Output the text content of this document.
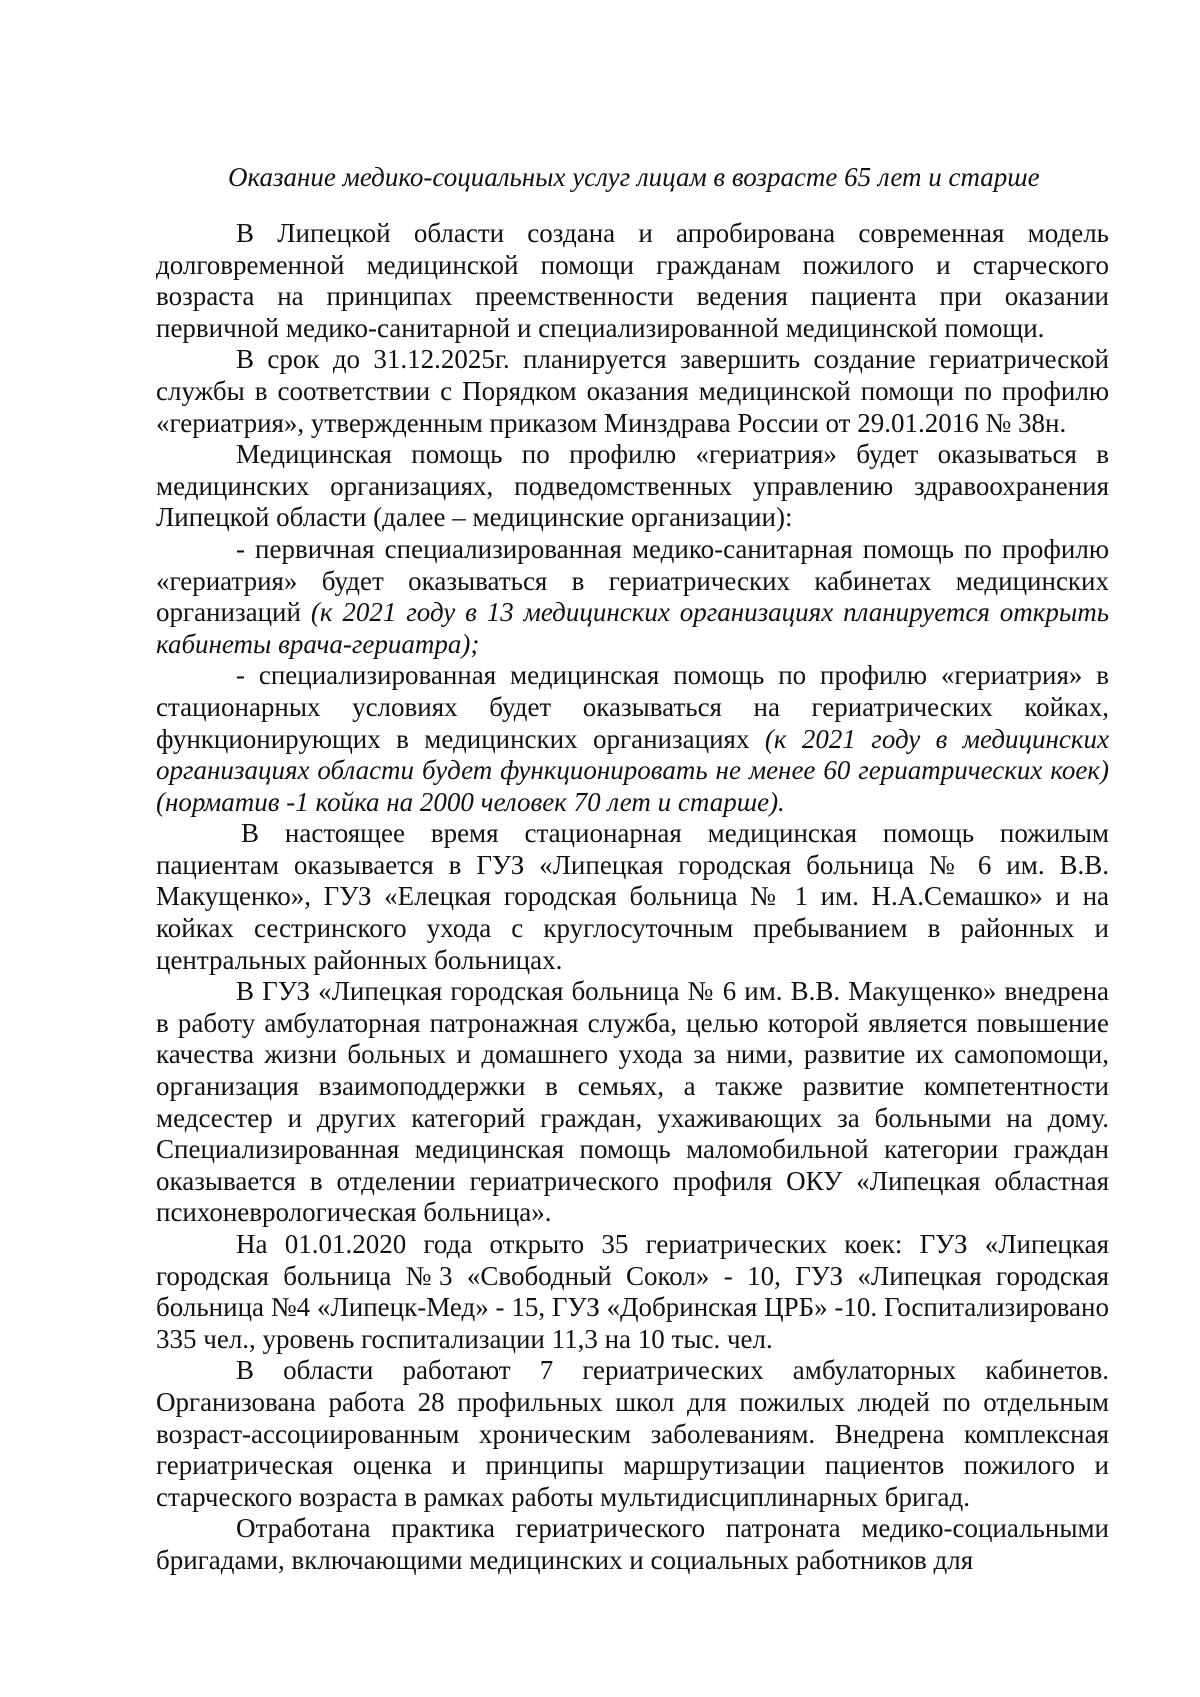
Оказание медико-социальных услуг лицам в возрасте 65 лет и старше

В Липецкой области создана и апробирована современная модель долговременной медицинской помощи гражданам пожилого и старческого возраста на принципах преемственности ведения пациента при оказании первичной медико-санитарной и специализированной медицинской помощи.

В срок до 31.12.2025г. планируется завершить создание гериатрической службы в соответствии с Порядком оказания медицинской помощи по профилю «гериатрия», утвержденным приказом Минздрава России от 29.01.2016 № 38н.

Медицинская помощь по профилю «гериатрия» будет оказываться в медицинских организациях, подведомственных управлению здравоохранения Липецкой области (далее – медицинские организации):

- первичная специализированная медико-санитарная помощь по профилю «гериатрия» будет оказываться в гериатрических кабинетах медицинских организаций (к 2021 году в 13 медицинских организациях планируется открыть кабинеты врача-гериатра);

- специализированная медицинская помощь по профилю «гериатрия» в стационарных условиях будет оказываться на гериатрических койках, функционирующих в медицинских организациях (к 2021 году в медицинских организациях области будет функционировать не менее 60 гериатрических коек) (норматив -1 койка на 2000 человек 70 лет и старше).

В настоящее время стационарная медицинская помощь пожилым пациентам оказывается в ГУЗ «Липецкая городская больница № 6 им. В.В. Макущенко», ГУЗ «Елецкая городская больница № 1 им. Н.А.Семашко» и на койках сестринского ухода с круглосуточным пребыванием в районных и центральных районных больницах.

В ГУЗ «Липецкая городская больница № 6 им. В.В. Макущенко» внедрена в работу амбулаторная патронажная служба, целью которой является повышение качества жизни больных и домашнего ухода за ними, развитие их самопомощи, организация взаимоподдержки в семьях, а также развитие компетентности медсестер и других категорий граждан, ухаживающих за больными на дому. Специализированная медицинская помощь маломобильной категории граждан оказывается в отделении гериатрического профиля ОКУ «Липецкая областная психоневрологическая больница».

На 01.01.2020 года открыто 35 гериатрических коек: ГУЗ «Липецкая городская больница №3 «Свободный Сокол» - 10, ГУЗ «Липецкая городская больница №4 «Липецк-Мед» - 15, ГУЗ «Добринская ЦРБ» -10. Госпитализировано 335 чел., уровень госпитализации 11,3 на 10 тыс. чел.

В области работают 7 гериатрических амбулаторных кабинетов. Организована работа 28 профильных школ для пожилых людей по отдельным возраст-ассоциированным хроническим заболеваниям. Внедрена комплексная гериатрическая оценка и принципы маршрутизации пациентов пожилого и старческого возраста в рамках работы мультидисциплинарных бригад.

Отработана практика гериатрического патроната медико-социальными бригадами, включающими медицинских и социальных работников для
